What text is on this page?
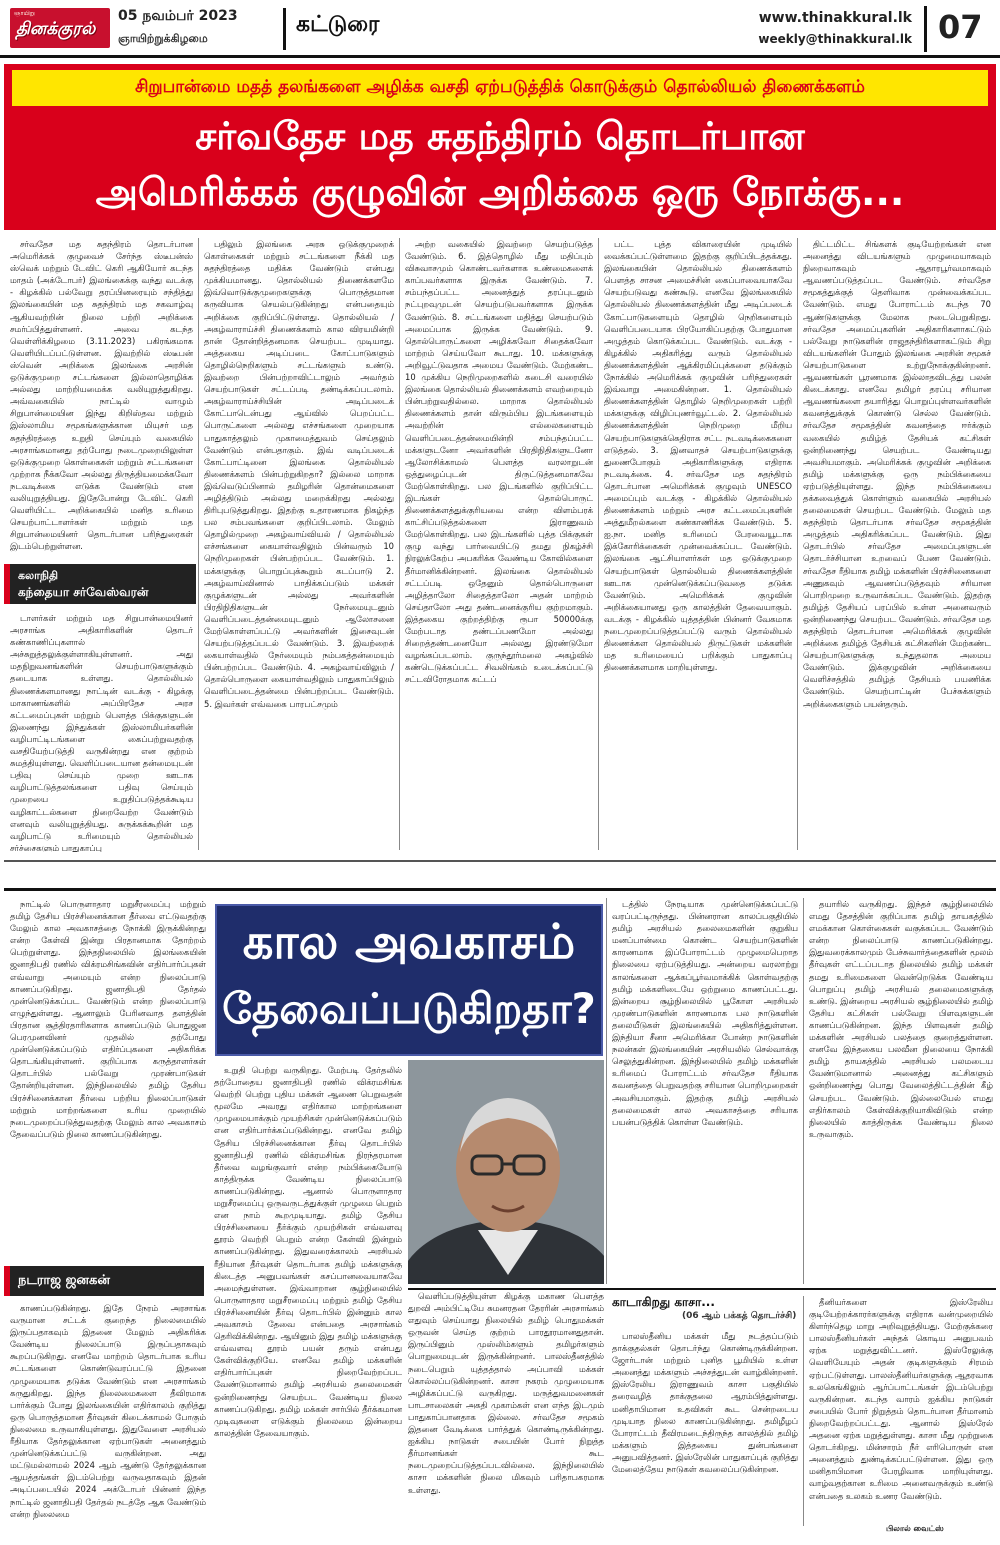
ஞாயிறு
தினக்குரல்
05 நவம்பர் 2023
ஞாயிற்றுக்கிழமை
கட்டுரை	www.thinakkural.lk
weekly@thinakkural.lk 07
சிறுபான்மை மதத் தலங்களை அழிக்க வசதி ஏற்படுத்திக் கொடுக்கும் தொல்லியல் திணைக்களம்
சர்வதேச மத சுதந்திரம் தொடர்பான
அமெரிக்கக் குழுவின் அறிக்கை ஒரு நோக்கு...

சர்வதேச மத சுதந்திரம் தொடர்பான அமெரிக்கக் குழுவைச் சேர்ந்த ஸ்டீபன்ஸ் ஸ்வெக் மற்றும் டேவிட் கெரி ஆகியோர் கடந்த மாதம் (அக்டோபர்) இலங்கைக்கு வந்து வடக்கு - கிழக்கில் பல்வேறு தரப்பினரையும் சந்தித்து இலங்கையின் மத சுதந்திரம் மத சகவாழ்வு ஆகியவற்றின் நிலை பற்றி அறிக்கை சமர்ப்பித்துள்ளனர். அவை கடந்த வெள்ளிக்கிழமை (3.11.2023) பகிரங்கமாக வெளியிடப்பட்டுள்ளன. இவற்றில் ஸ்டீபன் ஸ்வென் அறிக்கை இலங்கை அரசின் ஒடுக்குமுறை சட்டங்களை இல்லாதொழிக்க அல்லது மாற்றியமைக்க வலியுறுத்துகிறது. அவ்வகையில் நாட்டில் வாழும் சிறுபான்மையின இந்து கிறிஸ்தவ மற்றும் இஸ்லாமிய சமூகங்களுக்கான மியுசர் மத சுதந்திரத்தை உறுதி செய்யும் வகையில் அரசாங்கமானது தற்போது நடைமுறையிலுள்ள ஒடுக்குமுறை கொள்கைகள் மற்றும் சட்டங்களை முற்றாக நீக்கவோ அல்லது திருத்தியமைக்கவோ நடவடிக்கை எடுக்க வேண்டும் என வலியுறுத்தியது. இதேபோன்று டேவிட் கெரி வெளியிட்ட அறிக்கையில் மனித உரிமை செயற்பாட்டாளர்கள் மற்றும் மத சிறுபான்மையினர் தொடர்பான பரிந்துரைகள் இடம்பெற்றுள்ளன.

கலாநிதி
கந்தையா சர்வேஸ்வரன்

டாளர்கள் மற்றும் மத சிறுபான்மையினர் அரசாங்க அதிகாரிகளின் தொடர் கண்காணிப்புகளால் அச்சுறுத்தலுக்குள்ளாகியுள்ளனர். அது மதநிறுவனங்களின் செயற்பாடுகளுக்கும் தடையாக உள்ளது. தொல்லியல் திணைக்களமானது நாட்டின் வடக்கு - கிழக்கு மாகாணங்களில் அப்பிரதேச அரச கட்டமைப்புகள் மற்றும் பௌத்த பிக்குகளுடன் இணைந்து இந்துக்கள் இஸ்லாமியர்களின் வழிபாட்டிடங்களை கைப்பற்றுவதற்கு வசதியேற்படுத்தி வருகின்றது என குற்றம் சுமத்தியுள்ளது. வெளிப்படையான தன்மையுடன் பதிவு செய்யும் முறை ஊடாக வழிபாட்டுத்தலங்களை பதிவு செய்யும் முறையை உறுதிப்படுத்தக்கூடிய வழிகாட்டல்களை நிறைவேற்ற வேண்டும் எனவும் வலியுறுத்தியது. சுருக்கக்கூறின் மத வழிபாட்டு உரிமையும் தொல்லியல் சர்ச்சைகளும் பாதுகாப்பு

பதிலும் இலங்கை அரசு ஒடுக்குமுறைக் கொள்கைகள் மற்றும் சட்டங்களை நீக்கி மத சுதந்திரத்தை மதிக்க வேண்டும் என்பது முக்கியமானது. தொல்லியல் திணைக்களமே இவ்வொடுக்குமுறைகளுக்கு பொருத்தமான கருவியாக செயல்படுகின்றது என்பதையும் அறிக்கை குறிப்பிட்டுள்ளது. தொல்லியல் / அகழ்வாராய்ச்சி திணைக்களம் கால விரயமின்றி தான் தோன்றித்தனமாக செயற்பட முடியாது. அத்தகைய அடிப்படை கோட்பாடுகளும் தொழில்நெறிகளும் சட்டங்களும் உண்டு. இவற்றை பின்பற்றாவிட்டாலும் அவர்தம் செயற்பாடுகள் சட்டப்படி தண்டிக்கப்படலாம். அகழ்வாராய்ச்சியின் அடிப்படைக் கோட்பாடென்பது ஆய்வில் பெறப்பட்ட பொருட்களை அல்லது எச்சங்களை முறையாக பாதுகாத்தலும் முகாமைத்துவம் செய்தலும் வேண்டும் என்பதாகும். இவ் வடிப்படைக் கோட்பாட்டினை இலங்கை தொல்லியல் திணைக்களம் பின்பற்றுகிறதா? இல்லை மாறாக இவ்வெடுப்பினால் தமிழரின் தொன்மைகளை அழித்திடும் அல்லது மறைக்கிறது அல்லது திரிபுபடுத்துகிறது. இதற்கு உதாரணமாக நிகழ்ந்த பல சம்பவங்களை குறிப்பிடலாம். மேலும் தொழில்முறை அகழ்வாய்வியல் / தொல்லியல் எச்சங்களை கையாள்வதிலும் பின்வரும் 10 நெறிமுறைகள் பின்பற்றப்பட வேண்டும். 1. மக்களுக்கு பொறுப்புக்கூறும் கடப்பாடு 2. அகழ்வாய்வினால் பாதிக்கப்படும் மக்கள் குழுக்களுடன் அல்லது அவர்களின் பிரதிநிதிகளுடன் நேர்மையுடனும் வெளிப்படைத்தன்மையுடனும் ஆலோசனை மேற்கொள்ளப்பட்டு அவர்களின் இசைவுடன் செயற்படுத்தப்படல் வேண்டும். 3. இவற்றைக் கையாள்வதில் நேர்மையும் நம்பகத்தன்மையும் பின்பற்றப்பட வேண்டும். 4. அகழ்வாய்விலும் / தொல்பொருளை கையாள்வதிலும் பாதுகாப்பிலும் வெளிப்படைத்தன்மை பின்பற்றப்பட வேண்டும். 5. இவர்கள் எவ்வகை பாரபட்சமும்

அற்ற வகையில் இவற்றை செயற்படுத்த வேண்டும். 6. இத்தொழில் மீது மதிப்பும் விசுவாசமும் கொண்டவர்களாக உண்மைகளைக் காப்பவர்களாக இருக்க வேண்டும். 7. சம்பந்தப்பட்ட அனைத்துத் தரப்புடனும் நட்புறவுமுடன் செயற்படுபவர்களாக இருக்க வேண்டும். 8. சட்டங்களை மதித்து செயற்படும் அமைப்பாக இருக்க வேண்டும். 9. தொல்பொருட்களை அழிக்கவோ சிதைக்கவோ மாற்றம் செய்யவோ கூடாது. 10. மக்களுக்கு அறிவூட்டுவதாக அமைய வேண்டும். மேற்கண்ட 10 முக்கிய நெறிமுறைகளில் கடைசி வரையில் இலங்கை தொல்லியல் திணைக்களம் எவற்றையும் பின்பற்றுவதில்லை. மாறாக தொல்லியல் திணைக்களம் தான் விரும்பிய இடங்களையும் அவற்றின் எல்லைகளையும் வெளிப்படைத்தன்மையின்றி சம்பந்தப்பட்ட மக்களுடனோ அவர்களின் பிரதிநிதிகளுடனோ ஆலோசிக்காமல் பௌத்த வரலாறுடன் ஒத்துழைப்புடன் திருட்டுத்தனமாகவே மேற்கொள்கிறது. பல இடங்களில் குறிப்பிட்ட இடங்கள் தொல்பொருட் திணைக்களத்துக்குரியவை என்ற விளம்பரக் காட்சிப்படுத்தல்களை இராணுவம் மேற்கொள்கிறது. பல இடங்களில் புத்த பிக்குகள் குழு வந்து பார்வையிட்டு தமது நிகழ்ச்சி நிரலுக்கேற்ப அபகரிக்க வேண்டிய கோவில்களை தீர்மானிக்கின்றனர். இலங்கை தொல்லியல் சட்டப்படி ஒதேனும் தொல்பொருளை அழித்தாலோ சிதைத்தாலோ அதன் மாற்றம் செய்தாலோ அது தண்டனைக்குரிய குற்றமாகும். இத்தகைய குற்றத்திற்கு ரூபா 50000க்கு மேற்படாத தண்டப்பணமோ அல்லது சிறைத்தண்டனையோ அல்லது இரண்டுமோ வழங்கப்படலாம். குருந்தூர்மலை அகழ்வில் கண்டெடுக்கப்பட்ட சிவலிங்கம் உடைக்கப்பட்டு சட்டவிரோதமாக கட்டப்

பட்ட புத்த விகாரையின் முடியில் வைக்கப்பட்டுள்ளமை இதற்கு குறிப்பிடத்தக்கது. இலங்கையின் தொல்லியல் திணைக்களம் பௌத்த சாசன அமைச்சின் கைப்பாவையாகவே செயற்படுவது கண்கூடு. எனவே இலங்கையில் தொல்லியல் திணைக்களத்தின் மீது அடிப்படைக் கோட்பாடுகளையும் தொழில் நெறிகளையும் வெளிப்படையாக பிரயோகிப்பதற்கு போதுமான அழுத்தம் கொடுக்கப்பட வேண்டும். வடக்கு - கிழக்கில் அதிகரித்து வரும் தொல்லியல் திணைக்களத்தின் ஆக்கிரமிப்புக்களை தடுக்கும் நோக்கில் அமெரிக்கக் குழுவின் பரிந்துரைகள் இவ்வாறு அமைகின்றன. 1. தொல்லியல் திணைக்களத்தின் தொழில் நெறிமுறைகள் பற்றி மக்களுக்கு விழிப்புணர்வூட்டல். 2. தொல்லியல் திணைக்களத்தின் நெறிமுறை மீறிய செயற்பாடுகளுக்கெதிராக சட்ட நடவடிக்கைகளை எடுத்தல். 3. இனவாதச் செயற்பாடுகளுக்கு துணைபோகும் அதிகாரிகளுக்கு எதிராக நடவடிக்கை. 4. சர்வதேச மத சுதந்திரம் தொடர்பான அமெரிக்கக் குழுவும் UNESCO அமைப்பும் வடக்கு - கிழக்கில் தொல்லியல் திணைக்களம் மற்றும் அரச கட்டமைப்புகளின் அத்துமீறல்களை கண்காணிக்க வேண்டும். 5. ஐ.நா. மனித உரிமைப் பேரவையூடாக இக்கோரிக்கைகள் முன்வைக்கப்பட வேண்டும். இலங்கை ஆட்சியாளர்கள் மத ஒடுக்குமுறை செயற்பாடுகள் தொல்லியல் திணைக்களத்தின் ஊடாக முன்னெடுக்கப்படுவதை தடுக்க வேண்டும். அமெரிக்கக் குழுவின் அறிக்கையானது ஒரு காலத்தின் தேவையாகும். வடக்கு - கிழக்கில் யுத்தத்தின் பின்னர் வேகமாக நடைமுறைப்படுத்தப்பட்டு வரும் தொல்லியல் திணைக்கள தொல்லியல் திருட்டுகள் மக்களின் மத உரிமையைப் பறிக்கும் பாதுகாப்பு திணைக்களமாக மாறியுள்ளது.

திட்டமிட்ட சிங்களக் குடியேற்றங்கள் என அனைத்து விடயங்களும் முழுமையாகவும் நிறைவாகவும் ஆதாரபூர்வமாகவும் ஆவணப்படுத்தப்பட வேண்டும். சர்வதேச சமூகத்துக்குத் தெளிவாக முன்வைக்கப்பட வேண்டும். எமது போராட்டம் கடந்த 70 ஆண்டுகளுக்கு மேலாக நடைபெறுகிறது. சர்வதேச அமைப்புகளின் அதிகாரிகளாகட்டும் பல்வேறு நாடுகளின் ராஜதந்திரிகளாகட்டும் சிறு விடயங்களின் போதும் இலங்கை அரசின் சமூகச் செயற்பாடுகளை உற்றுநோக்குகின்றனர். ஆவணங்கள் பூரணமாக இல்லாதவிடத்து பலன் கிடைக்காது. எனவே தமிழர் தரப்பு சரியான ஆவணங்களை தயாரித்து பொறுப்புள்ளவர்களின் கவனத்துக்குக் கொண்டு செல்ல வேண்டும். சர்வதேச சமூகத்தின் கவனத்தை ஈர்க்கும் வகையில் தமிழ்த் தேசியக் கட்சிகள் ஒன்றிணைந்து செயற்பட வேண்டியது அவசியமாகும். அமெரிக்கக் குழுவின் அறிக்கை தமிழ் மக்களுக்கு ஒரு நம்பிக்கையை ஏற்படுத்தியுள்ளது. இந்த நம்பிக்கையை தக்கவைத்துக் கொள்ளும் வகையில் அரசியல் தலைமைகள் செயற்பட வேண்டும். மேலும் மத சுதந்திரம் தொடர்பாக சர்வதேச சமூகத்தின் அழுத்தம் அதிகரிக்கப்பட வேண்டும். இது தொடர்பில் சர்வதேச அமைப்புகளுடன் தொடர்ச்சியான உறவைப் பேண வேண்டும். சர்வதேச ரீதியாக தமிழ் மக்களின் பிரச்சினைகளை அணுகவும் ஆவணப்படுத்தவும் சரியான பொறிமுறை உருவாக்கப்பட வேண்டும். இதற்கு தமிழ்த் தேசியப் பரப்பில் உள்ள அனைவரும் ஒன்றிணைந்து செயற்பட வேண்டும். சர்வதேச மத சுதந்திரம் தொடர்பான அமெரிக்கக் குழுவின் அறிக்கை தமிழ்த் தேசியக் கட்சிகளின் மேற்கண்ட செயற்பாடுகளுக்கு உந்துதலாக அமைய வேண்டும். இக்குழுவின் அறிக்கையை வெளிச்சத்தில் தமிழ்த் தேசியம் பயணிக்க வேண்டும். செயற்பாட்டின் பேச்சுக்களும் அறிக்கைகளும் பயன்தரும்.

நாட்டில் பொருளாதார மறுசீரமைப்பு மற்றும் தமிழ் தேசிய பிரச்சினைக்கான தீர்வை எட்டுவதற்கு மேலும் கால அவகாசத்தை நோக்கி இருக்கின்றது என்ற கேள்வி இன்று பிரதானமாக தோற்றம் பெற்றுள்ளது. இந்தநிலையில் இலங்கையின் ஜனாதிபதி ரணில் விக்ரமசிங்கவின் எதிர்பார்ப்புகள் எவ்வாறு அமையும் என்ற நிலைப்பாடு காணப்படுகிறது. ஜனாதிபதி தேர்தல் முன்னெடுக்கப்பட வேண்டும் என்ற நிலைப்பாடு எழுந்துள்ளது. ஆனாலும் பேரினவாத தளத்தின் பிரதான சூத்திரதாரிகளாக காணப்படும் பொதுஜன பெரமுனவினர் முதலில் தற்போது முன்னெடுக்கப்படும் எதிர்ப்புகளை அதிகரிக்க தொடங்கியுள்ளனர். குறிப்பாக கருத்தாளர்கள் தொடர்பில் பல்வேறு முரண்பாடுகள் தோன்றியுள்ளன. இந்நிலையில் தமிழ் தேசிய பிரச்சினைக்கான தீர்வை பற்றிய நிலைப்பாடுகள் மற்றும் மாற்றங்களை உரிய முறையில் நடைமுறைப்படுத்துவதற்கு மேலும் கால அவகாசம் தேவைப்படும் நிலை காணப்படுகின்றது.

நடராஜ ஜனகன்

காணப்படுகின்றது. இதே நேரம் அரசாங்க வருமான சட்டக் குறைந்த நிலைமையில் இருப்பதாகவும் இதனை மேலும் அதிகரிக்க வேண்டிய நிலைப்பாடு இருப்பதாகவும் கூறப்படுகிறது. எனவே மாற்றம் தொடர்பாக உரிய சட்டங்களை கொண்டுவரப்பட்டு இதனை முழுமையாக தடுக்க வேண்டும் என அரசாங்கம் கருதுகிறது. இந்த நிலைமைகளை தீவிரமாக பார்க்கும் போது இலங்கையின் எதிர்காலம் குறித்து ஒரு பொருத்தமான தீர்வுகள் கிடைக்காமல் போகும் நிலைமை உருவாகியுள்ளது. இதுவேளை அரசியல் ரீதியாக தேர்தலுக்கான ஏற்பாடுகள் அனைத்தும் முன்னெடுக்கப்பட்டு வருகின்றன. அது மட்டுமல்லாமல் 2024 ஆம் ஆண்டு தேர்தலுக்கான ஆயத்தங்கள் இடம்பெற்று வருவதாகவும் இதன் அடிப்படையில் 2024 அக்டோபர் பின்னர் இந்த நாட்டில் ஜனாதிபதி தேர்தல் நடத்தே ஆக வேண்டும் என்ற நிலைமை

கால அவகாசம்
தேவைப்படுகிறதா?

உறுதி பெற்று வருகிறது. மேற்படி தேர்தலில் தற்போதைய ஜனாதிபதி ரணில் விக்ரமசிங்க வெற்றி பெற்று புதிய மக்கள் ஆணை பெறுவதன் மூலமே அவரது எதிர்கால மாற்றங்களை முழுமையாக்கும் முயற்சிகள் முன்னெடுக்கப்படும் என எதிர்பார்க்கப்படுகின்றது. எனவே தமிழ் தேசிய பிரச்சினைக்கான தீர்வு தொடர்பில் ஜனாதிபதி ரணில் விக்ரமசிங்க நிரந்தரமான தீர்வை வழங்குவார் என்ற நம்பிக்கையோடு காத்திருக்க வேண்டிய நிலைப்பாடு காணப்படுகின்றது. ஆனால் பொருளாதார மறுசீரமைப்பு ஒருவருடத்துக்குள் முழுமை பெறும் என நாம் கூறமுடியாது. தமிழ் தேசிய பிரச்சினையை தீர்க்கும் முயற்சிகள் எவ்வளவு தூரம் வெற்றி பெறும் என்ற கேள்வி இன்றும் காணப்படுகின்றது. இதுவரைக்காலம் அரசியல் ரீதியான தீர்வுகள் தொடர்பாக தமிழ் மக்களுக்கு கிடைத்த அனுபவங்கள் கசப்பானவையாகவே அமைந்துள்ளன. இவ்வாறான சூழ்நிலையில் பொருளாதார மறுசீரமைப்பு மற்றும் தமிழ் தேசிய பிரச்சினையின் தீர்வு தொடர்பில் இன்னும் கால அவகாசம் தேவை என்பதை அரசாங்கம் தெரிவிக்கின்றது. ஆயினும் இது தமிழ் மக்களுக்கு எவ்வளவு தூரம் பயன் தரும் என்பது கேள்விக்குறியே. எனவே தமிழ் மக்களின் எதிர்பார்ப்புகள் நிறைவேற்றப்பட வேண்டுமானால் தமிழ் அரசியல் தலைமைகள் ஒன்றிணைந்து செயற்பட வேண்டிய நிலை காணப்படுகிறது. தமிழ் மக்கள் சார்பில் தீர்க்கமான முடிவுகளை எடுக்கும் நிலைமை இன்றைய காலத்தின் தேவையாகும்.

டத்தில் நேரடியாக முன்னெடுக்கப்பட்டு வரப்பட்டிருந்தது. பின்னரான காலப்பகுதியில் தமிழ் அரசியல் தலைமைகளின் குறுகிய மனப்பான்மை கொண்ட செயற்பாடுகளின் காரணமாக இப்போராட்டம் முழுமைபெறாத நிலையை ஏற்படுத்தியது. அன்றைய வரலாற்று காலங்களை ஆக்கப்பூர்வமாக்கிக் கொள்வதற்கு தமிழ் மக்களிடையே ஒற்றுமை காணப்பட்டது. இன்றைய சூழ்நிலையில் பூகோள அரசியல் முரண்பாடுகளின் காரணமாக பல நாடுகளின் தலையீடுகள் இலங்கையில் அதிகரித்துள்ளன. இந்தியா சீனா அமெரிக்கா போன்ற நாடுகளின் நலன்கள் இலங்கையின் அரசியலில் செல்வாக்கு செலுத்துகின்றன. இந்நிலையில் தமிழ் மக்களின் உரிமைப் போராட்டம் சர்வதேச ரீதியாக கவனத்தை பெறுவதற்கு சரியான பொறிமுறைகள் அவசியமாகும். இதற்கு தமிழ் அரசியல் தலைமைகள் கால அவகாசத்தை சரியாக பயன்படுத்திக் கொள்ள வேண்டும்.

தயாரில் வருகிறது. இந்தச் சூழ்நிலையில் எமது தேசத்தின் குறிப்பாக தமிழ் தாயகத்தில் எமக்கான கொள்கைகள் வகுக்கப்பட வேண்டும் என்ற நிலைப்பாடு காணப்படுகின்றது. இதுவரைக்காலமும் பேச்சுவார்த்தைகளின் மூலம் தீர்வுகள் எட்டப்படாத நிலையில் தமிழ் மக்கள் தமது உரிமைகளை வென்றெடுக்க வேண்டிய பொறுப்பு தமிழ் அரசியல் தலைமைகளுக்கு உண்டு. இன்றைய அரசியல் சூழ்நிலையில் தமிழ் தேசிய கட்சிகள் பல்வேறு பிளவுகளுடன் காணப்படுகின்றன. இந்த பிளவுகள் தமிழ் மக்களின் அரசியல் பலத்தை குறைத்துள்ளன. எனவே இந்தகைய பலவீன நிலையை நோக்கி தமிழ் தாயகத்தில் அரசியல் பலமடைய வேண்டுமானால் அனைத்து கட்சிகளும் ஒன்றிணைந்து பொது வேலைத்திட்டத்தின் கீழ் செயற்பட வேண்டும். இல்லையேல் எமது எதிர்காலம் கேள்விக்குறியாகிவிடும் என்ற நிலையில் காத்திருக்க வேண்டிய நிலை உருவாகும்.

வெளிப்படுத்தியுள்ள கிழக்கு மகாண பௌத்த துறவி அம்பிட்டியே சுமனரதன தேரரின் அரசாங்கம் எதுவும் செய்யாது நிலையில் தமிழ் பொதுமக்கள் ஒருவன் செய்த குற்றம் பாரதூரமானதுதான். இருப்பினும் முஸ்லிம்களும் தமிழர்களும் பொறுமையுடன் இருக்கின்றனர். பாலஸ்தீனத்தில் நடைபெறும் யுத்தத்தால் அப்பாவி மக்கள் கொல்லப்படுகின்றனர். காசா நகரம் முழுமையாக அழிக்கப்பட்டு வருகிறது. மருத்துவமனைகள் பாடசாலைகள் அகதி முகாம்கள் என எந்த இடமும் பாதுகாப்பானதாக இல்லை. சர்வதேச சமூகம் இதனை வேடிக்கை பார்த்துக் கொண்டிருக்கின்றது. ஐக்கிய நாடுகள் சபையின் போர் நிறுத்த தீர்மானங்கள் கூட நடைமுறைப்படுத்தப்படவில்லை. இந்நிலையில் காசா மக்களின் நிலை மிகவும் பரிதாபகரமாக உள்ளது.

காடாகிறது காசா...
(06 ஆம் பக்கத் தொடர்ச்சி)

பாலஸ்தீனிய மக்கள் மீது நடத்தப்படும் தாக்குதல்கள் தொடர்ந்து கொண்டிருக்கின்றன. ஜோர்டான் மற்றும் புனித பூமியில் உள்ள அனைத்து மக்களும் அச்சத்துடன் வாழ்கின்றனர். இஸ்ரேலிய இராணுவம் காசா பகுதியில் தரைவழித் தாக்குதலை ஆரம்பித்துள்ளது. மனிதாபிமான உதவிகள் கூட சென்றடைய முடியாத நிலை காணப்படுகின்றது. தமிழீழப் போராட்டம் தீவிரமடைந்திருந்த காலத்தில் தமிழ் மக்களும் இத்தகைய துன்பங்களை அனுபவித்தனர். இஸ்ரேலின் பாதுகாப்புக் குறித்து மேலைத்தேய நாடுகள் கவலைப்படுகின்றன.

தீனியர்களை இஸ்ரேலிய குடியேற்றக்காரர்களுக்கு எதிராக வன்முறையில் கிளர்ந்தெழ மாறு அறிவுறுத்தியது. மேற்குக்கரை பாலஸ்தீனியர்கள் அந்தக் கொடிய அனுபவம் ஏற்க மறுத்துவிட்டனர். இஸ்ரேலுக்கு வெளியேயும் அதன் குடிகளுக்கும் சிரமம் ஏற்பட்டுள்ளது. பாலஸ்தீனியர்களுக்கு ஆதரவாக உலகெங்கிலும் ஆர்ப்பாட்டங்கள் இடம்பெற்று வருகின்றன. கடந்த வாரம் ஐக்கிய நாடுகள் சபையில் போர் நிறுத்தம் தொடர்பான தீர்மானம் நிறைவேற்றப்பட்டது. ஆனால் இஸ்ரேல் அதனை ஏற்க மறுத்துள்ளது. காசா மீது முற்றுகை தொடர்கிறது. மின்சாரம் நீர் எரிபொருள் என அனைத்தும் துண்டிக்கப்பட்டுள்ளன. இது ஒரு மனிதாபிமான பேரழிவாக மாறியுள்ளது. வாழ்வதற்கான உரிமை அனைவருக்கும் உண்டு என்பதை உலகம் உணர வேண்டும்.

பிலால் வைட்ஸ்
